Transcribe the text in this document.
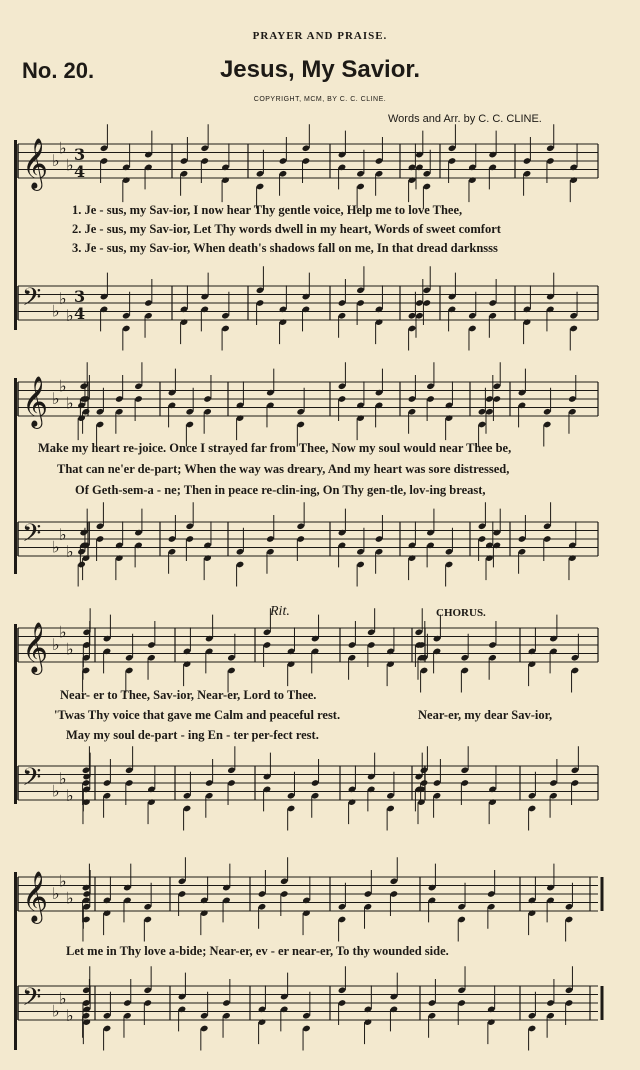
PRAYER AND PRAISE.
No. 20.	Jesus, My Savior.
COPYRIGHT, MCM, BY C. C. CLINE.
Words and Arr. by C. C. CLINE.
𝄞 ♭
♭
♭
3
4
𝄢 ♭
♭
♭
3
4
𝄞 ♭
♭
♭
𝄢 ♭
♭
♭
𝄞 ♭
♭
♭
𝄢 ♭
♭
♭
𝄞 ♭
♭
♭
𝄢 ♭
♭
♭
1. Je - sus, my Sav-ior, I now hear Thy gentle voice, Help me to love Thee,
2. Je - sus, my Sav-ior, Let Thy words dwell in my heart, Words of sweet comfort
3. Je - sus, my Sav-ior, When death's shadows fall on me, In that dread darknsss
Make my heart re-joice. Once I strayed far from Thee, Now my soul would near Thee be,
That can ne'er de-part; When the way was dreary, And my heart was sore distressed,
Of Geth-sem-a - ne; Then in peace re-clin-ing, On Thy gen-tle, lov-ing breast,
Near- er to Thee, Sav-ior, Near-er, Lord to Thee.
'Twas Thy voice that gave me Calm and peaceful rest.
May my soul de-part - ing En - ter per-fect rest.
Near-er, my dear Sav-ior,
Let me in Thy love a-bide; Near-er, ev - er near-er, To thy wounded side.
Rit.	CHORUS.
